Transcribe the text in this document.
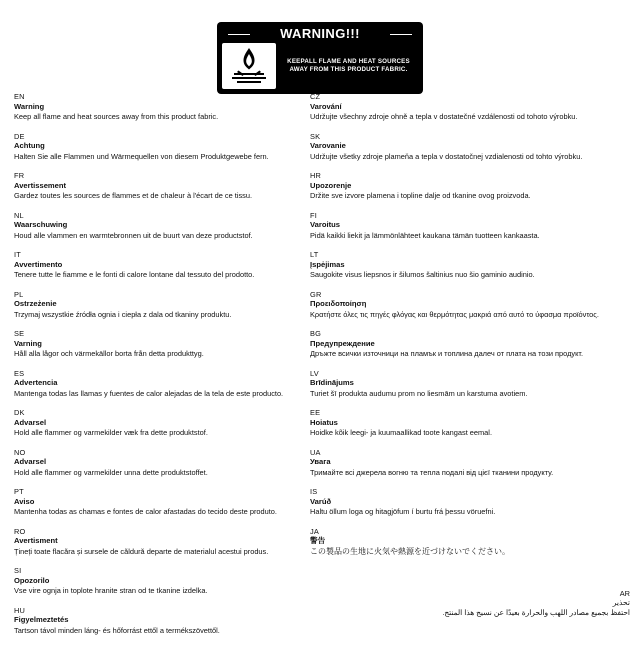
WARNING!!!
KEEPALL FLAME AND HEAT SOURCES AWAY FROM THIS PRODUCT FABRIC.
EN
Warning
Keep all flame and heat sources away from this product fabric.
DE
Achtung
Halten Sie alle Flammen und Wärmequellen von diesem Produktgewebe fern.
FR
Avertissement
Gardez toutes les sources de flammes et de chaleur à l'écart de ce tissu.
NL
Waarschuwing
Houd alle vlammen en warmtebronnen uit de buurt van deze productstof.
IT
Avvertimento
Tenere tutte le fiamme e le fonti di calore lontane dal tessuto del prodotto.
PL
Ostrzeżenie
Trzymaj wszystkie źródła ognia i ciepła z dala od tkaniny produktu.
SE
Varning
Håll alla lågor och värmekällor borta från detta produkttyg.
ES
Advertencia
Mantenga todas las llamas y fuentes de calor alejadas de la tela de este producto.
DK
Advarsel
Hold alle flammer og varmekilder væk fra dette produktstof.
NO
Advarsel
Hold alle flammer og varmekilder unna dette produktstoffet.
PT
Aviso
Mantenha todas as chamas e fontes de calor afastadas do tecido deste produto.
RO
Avertisment
Țineți toate flacăra și sursele de căldură departe de materialul acestui produs.
SI
Opozorilo
Vse vire ognja in toplote hranite stran od te tkanine izdelka.
HU
Figyelmeztetés
Tartson távol minden láng- és hőforrást ettől a termékszövettől.
CZ
Varování
Udržujte všechny zdroje ohně a tepla v dostatečné vzdálenosti od tohoto výrobku.
SK
Varovanie
Udržujte všetky zdroje plameňa a tepla v dostatočnej vzdialenosti od tohto výrobku.
HR
Upozorenje
Držite sve izvore plamena i topline dalje od tkanine ovog proizvoda.
FI
Varoitus
Pidä kaikki liekit ja lämmönlähteet kaukana tämän tuotteen kankaasta.
LT
Įspėjimas
Saugokite visus liepsnos ir šilumos šaltinius nuo šio gaminio audinio.
GR
Προειδοποίηση
Κρατήστε όλες τις πηγές φλόγας και θερμότητας μακριά από αυτό το ύφασμα προϊόντος.
BG
Предупреждение
Дръжте всички източници на пламък и топлина далеч от плата на този продукт.
LV
Brīdinājums
Turiet šī produkta audumu prom no liesmām un karstuma avotiem.
EE
Hoiatus
Hoidke kõik leegi- ja kuumaallikad toote kangast eemal.
UA
Увага
Тримайте всі джерела вогню та тепла подалі від цієї тканини продукту.
IS
Varúð
Haltu öllum loga og hitagjöfum í burtu frá þessu vöruefni.
JA
警告
この製品の生地に火気や熱源を近づけないでください。
AR
تحذير
احتفظ بجميع مصادر اللهب والحرارة بعيدًا عن نسيج هذا المنتج.
